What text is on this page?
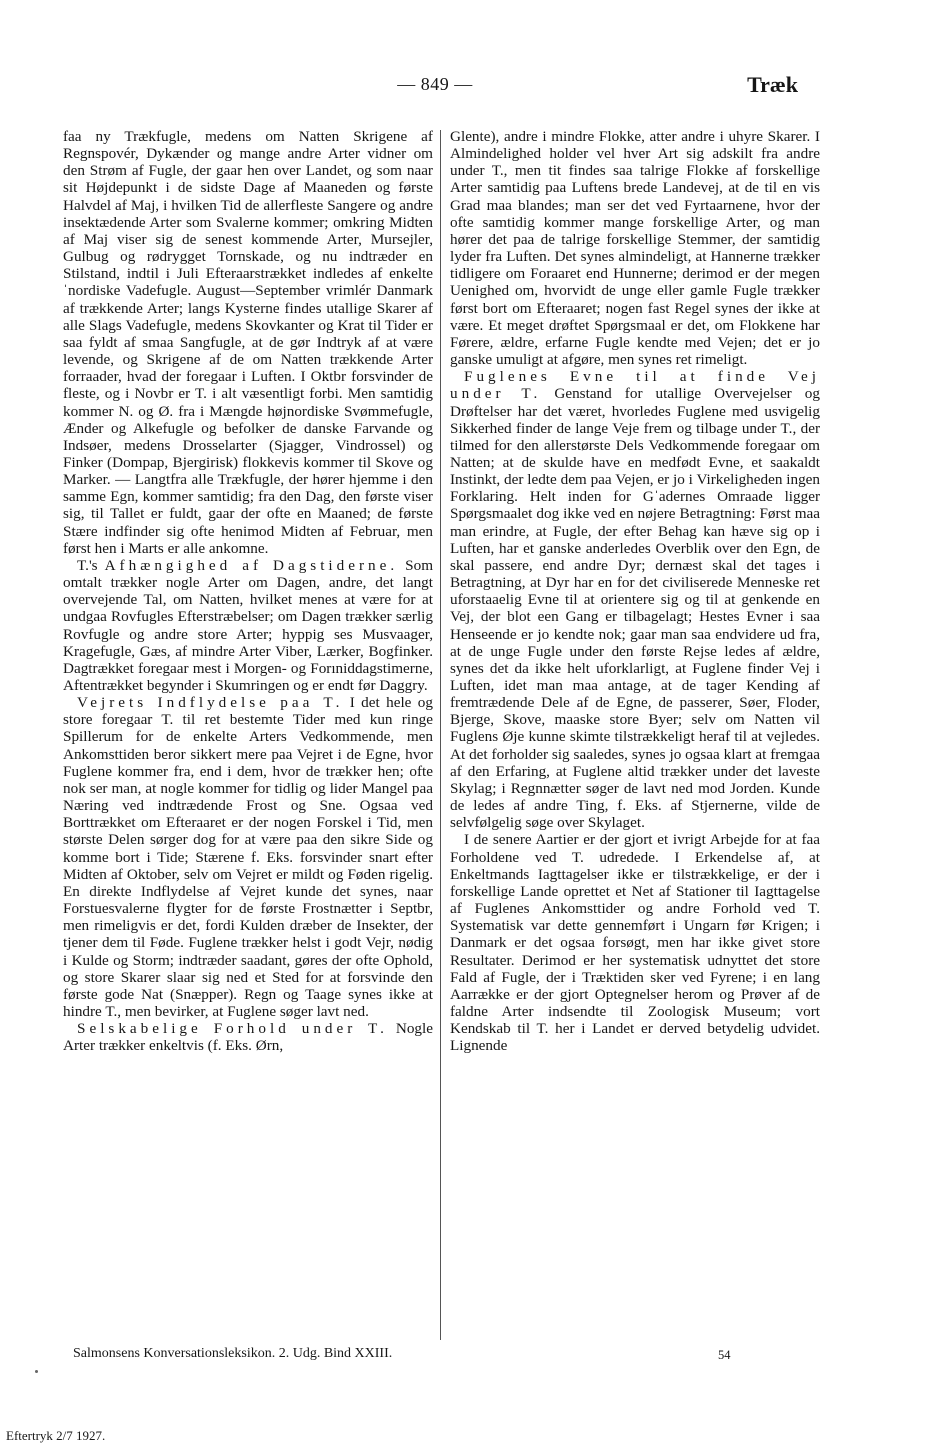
— 849 —	Træk

faa ny Trækfugle, medens om Natten Skrigene af Regnspovér, Dykænder og mange andre Arter vidner om den Strøm af Fugle, der gaar hen over Landet, og som naar sit Højdepunkt i de sidste Dage af Maaneden og første Halvdel af Maj, i hvilken Tid de allerfleste Sangere og andre insektædende Arter som Svalerne kommer; omkring Midten af Maj viser sig de senest kommende Arter, Mursejler, Gulbug og rødrygget Tornskade, og nu indtræder en Stilstand, indtil i Juli Efteraarstrækket indledes af enkelte ˈnordiske Vadefugle. August—September vrimlér Danmark af trækkende Arter; langs Kysterne findes utallige Skarer af alle Slags Vadefugle, medens Skovkanter og Krat til Tider er saa fyldt af smaa Sangfugle, at de gør Indtryk af at være levende, og Skrigene af de om Natten trækkende Arter forraader, hvad der foregaar i Luften. I Oktbr forsvinder de fleste, og i Novbr er T. i alt væsentligt forbi. Men samtidig kommer N. og Ø. fra i Mængde højnordiske Svømmefugle, Ænder og Alkefugle og befolker de danske Farvande og Indsøer, medens Drosselarter (Sjagger, Vindrossel) og Finker (Dompap, Bjergirisk) flokkevis kommer til Skove og Marker. — Langtfra alle Trækfugle, der hører hjemme i den samme Egn, kommer samtidig; fra den Dag, den første viser sig, til Tallet er fuldt, gaar der ofte en Maaned; de første Stære indfinder sig ofte henimod Midten af Februar, men først hen i Marts er alle ankomne.

T.'s Afhængighed af Dagstiderne. Som omtalt trækker nogle Arter om Dagen, andre, det langt overvejende Tal, om Natten, hvilket menes at være for at undgaa Rovfugles Efterstræbelser; om Dagen trækker særlig Rovfugle og andre store Arter; hyppig ses Musvaager, Kragefugle, Gæs, af mindre Arter Viber, Lærker, Bogfinker. Dagtrækket foregaar mest i Morgen- og Forıniddagstimerne, Aftentrækket begynder i Skumringen og er endt før Daggry.

Vejrets Indflydelse paa T. I det hele og store foregaar T. til ret bestemte Tider med kun ringe Spillerum for de enkelte Arters Vedkommende, men Ankomsttiden beror sikkert mere paa Vejret i de Egne, hvor Fuglene kommer fra, end i dem, hvor de trækker hen; ofte nok ser man, at nogle kommer for tidlig og lider Mangel paa Næring ved indtrædende Frost og Sne. Ogsaa ved Borttrækket om Efteraaret er der nogen Forskel i Tid, men største Delen sørger dog for at være paa den sikre Side og komme bort i Tide; Stærene f. Eks. forsvinder snart efter Midten af Oktober, selv om Vejret er mildt og Føden rigelig. En direkte Indflydelse af Vejret kunde det synes, naar Forstuesvalerne flygter for de første Frostnætter i Septbr, men rimeligvis er det, fordi Kulden dræber de Insekter, der tjener dem til Føde. Fuglene trækker helst i godt Vejr, nødig i Kulde og Storm; indtræder saadant, gøres der ofte Ophold, og store Skarer slaar sig ned et Sted for at forsvinde den første gode Nat (Snæpper). Regn og Taage synes ikke at hindre T., men bevirker, at Fuglene søger lavt ned.

Selskabelige Forhold under T. Nogle Arter trækker enkeltvis (f. Eks. Ørn,

Glente), andre i mindre Flokke, atter andre i uhyre Skarer. I Almindelighed holder vel hver Art sig adskilt fra andre under T., men tit findes saa talrige Flokke af forskellige Arter samtidig paa Luftens brede Landevej, at de til en vis Grad maa blandes; man ser det ved Fyrtaarnene, hvor der ofte samtidig kommer mange forskellige Arter, og man hører det paa de talrige forskellige Stemmer, der samtidig lyder fra Luften. Det synes almindeligt, at Hannerne trækker tidligere om Foraaret end Hunnerne; derimod er der megen Uenighed om, hvorvidt de unge eller gamle Fugle trækker først bort om Efteraaret; nogen fast Regel synes der ikke at være. Et meget drøftet Spørgsmaal er det, om Flokkene har Førere, ældre, erfarne Fugle kendte med Vejen; det er jo ganske umuligt at afgøre, men synes ret rimeligt.

Fuglenes Evne til at finde Vej under T. Genstand for utallige Overvejelser og Drøftelser har det været, hvorledes Fuglene med usvigelig Sikkerhed finder de lange Veje frem og tilbage under T., der tilmed for den allerstørste Dels Vedkommende foregaar om Natten; at de skulde have en medfødt Evne, et saakaldt Instinkt, der ledte dem paa Vejen, er jo i Virkeligheden ingen Forklaring. Helt inden for Gˈadernes Omraade ligger Spørgsmaalet dog ikke ved en nøjere Betragtning: Først maa man erindre, at Fugle, der efter Behag kan hæve sig op i Luften, har et ganske anderledes Overblik over den Egn, de skal passere, end andre Dyr; dernæst skal det tages i Betragtning, at Dyr har en for det civiliserede Menneske ret uforstaaelig Evne til at orientere sig og til at genkende en Vej, der blot een Gang er tilbagelagt; Hestes Evner i saa Henseende er jo kendte nok; gaar man saa endvidere ud fra, at de unge Fugle under den første Rejse ledes af ældre, synes det da ikke helt uforklarligt, at Fuglene finder Vej i Luften, idet man maa antage, at de tager Kending af fremtrædende Dele af de Egne, de passerer, Søer, Floder, Bjerge, Skove, maaske store Byer; selv om Natten vil Fuglens Øje kunne skimte tilstrækkeligt heraf til at vejledes. At det forholder sig saaledes, synes jo ogsaa klart at fremgaa af den Erfaring, at Fuglene altid trækker under det laveste Skylag; i Regnnætter søger de lavt ned mod Jorden. Kunde de ledes af andre Ting, f. Eks. af Stjernerne, vilde de selvfølgelig søge over Skylaget.

I de senere Aartier er der gjort et ivrigt Arbejde for at faa Forholdene ved T. udrededе. I Erkendelse af, at Enkeltmands Iagttagelser ikke er tilstrækkelige, er der i forskellige Lande oprettet et Net af Stationer til Iagttagelse af Fuglenes Ankomsttider og andre Forhold ved T. Systematisk var dette gennemført i Ungarn før Krigen; i Danmark er det ogsaa forsøgt, men har ikke givet store Resultater. Derimod er her systematisk udnyttet det store Fald af Fugle, der i Træktiden sker ved Fyrene; i en lang Aarrække er der gjort Optegnelser herom og Prøver af de faldne Arter indsendte til Zoologisk Museum; vort Kendskab til T. her i Landet er derved betydelig udvidet. Lignende

Salmonsens Konversationsleksikon. 2. Udg. Bind XXIII.	54
Eftertryk 2/7 1927.
